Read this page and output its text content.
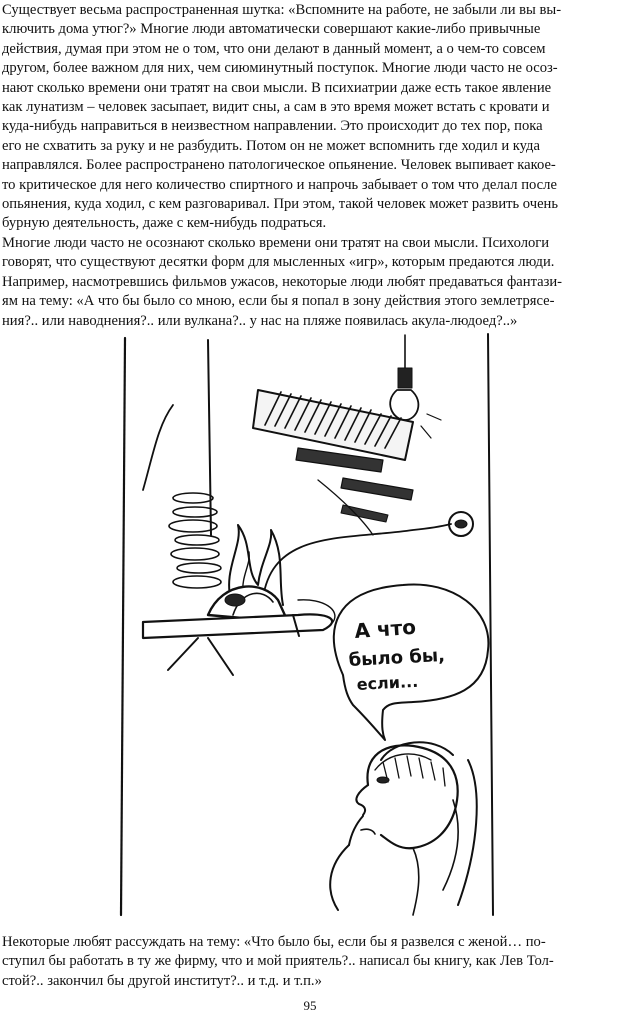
Существует весьма распространенная шутка: «Вспомните на работе, не забыли ли вы вы-
ключить дома утюг?» Многие люди автоматически совершают какие-либо привычные
действия, думая при этом не о том, что они делают в данный момент, а о чем-то совсем
другом, более важном для них, чем сиюминутный поступок. Многие люди часто не осоз-
нают сколько времени они тратят на свои мысли. В психиатрии даже есть такое явление
как лунатизм – человек засыпает, видит сны, а сам в это время может встать с кровати и
куда-нибудь направиться в неизвестном направлении. Это происходит до тех пор, пока
его не схватить за руку и не разбудить. Потом он не может вспомнить где ходил и куда
направлялся. Более распространено патологическое опьянение. Человек выпивает какое-
то критическое для него количество спиртного и напрочь забывает о том что делал после
опьянения, куда ходил, с кем разговаривал. При этом, такой человек может развить очень
бурную деятельность, даже с кем-нибудь подраться.
Многие люди часто не осознают сколько времени они тратят на свои мысли. Психологи
говорят, что существуют десятки форм для мысленных «игр», которым предаются люди.
Например, насмотревшись фильмов ужасов, некоторые люди любят предаваться фантази-
ям на тему: «А что бы было со мною, если бы я попал в зону действия этого землетрясе-
ния?.. или наводнения?.. или вулкана?.. у нас на пляже появилась акула-людоед?..»

А что
было бы,
если...

Некоторые любят рассуждать на тему: «Что было бы, если бы я развелся с женой… по-
ступил бы работать в ту же фирму, что и мой приятель?.. написал бы книгу, как Лев Тол-
стой?.. закончил бы другой институт?.. и т.д. и т.п.»

95
